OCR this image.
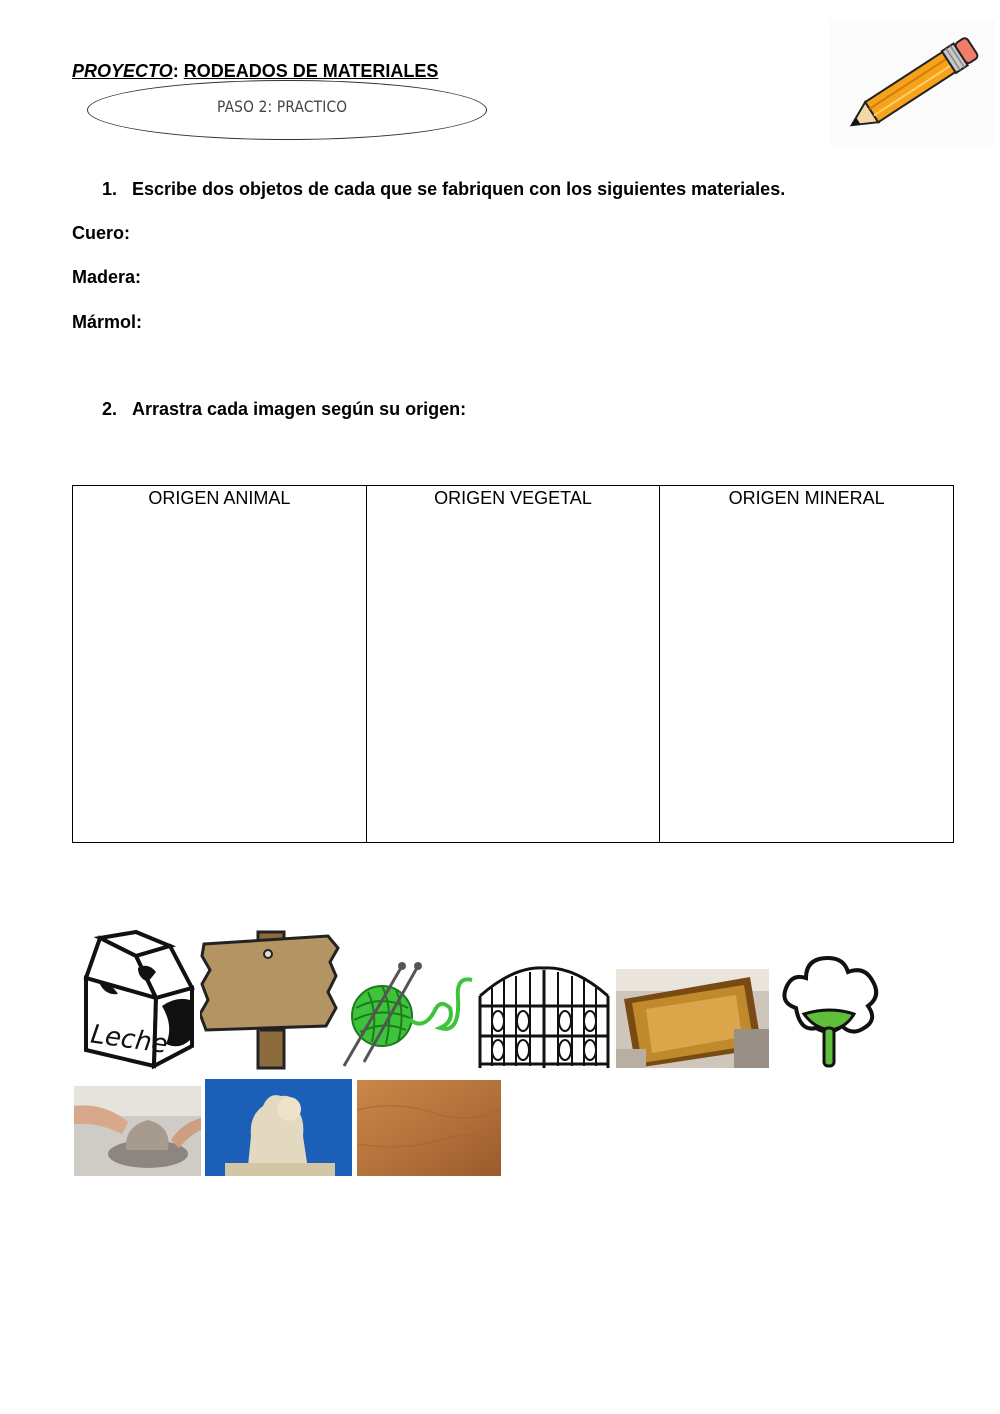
PROYECTO: RODEADOS DE MATERIALES
PASO 2: PRACTICO
1. Escribe dos objetos de cada que se fabriquen con los siguientes materiales.
Cuero:
Madera:
Mármol:
2. Arrastra cada imagen según su origen:
ORIGEN ANIMAL	ORIGEN VEGETAL	ORIGEN MINERAL
Leche
